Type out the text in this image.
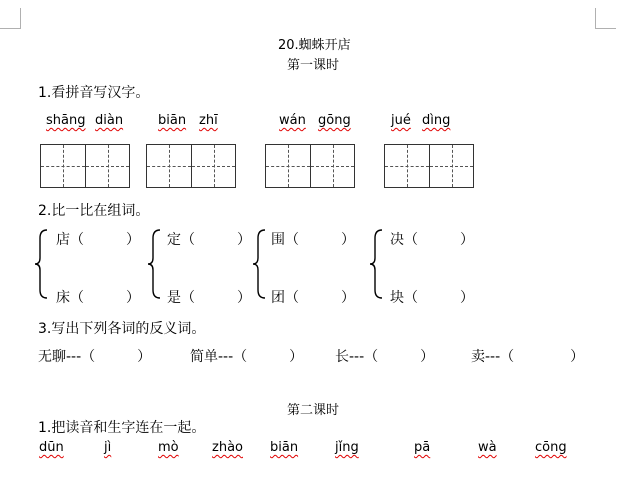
20.蜘蛛开店
第一课时
1.看拼音写汉字。
shāng diàn	biān zhī	wán gōng	jué dìng
2.比一比在组词。
店（　　　）
床（　　　）
定（　　　）
是（　　　）
围（　　　）
团（　　　）
决（　　　）
块（　　　）
3.写出下列各词的反义词。
无聊---（　　　）	简单---（　　　） 长---（　　　）	卖---（　　　　）
第二课时
1.把读音和生字连在一起。
dūn	jì	mò	zhào biān	jǐng	pā	wà	cōng
